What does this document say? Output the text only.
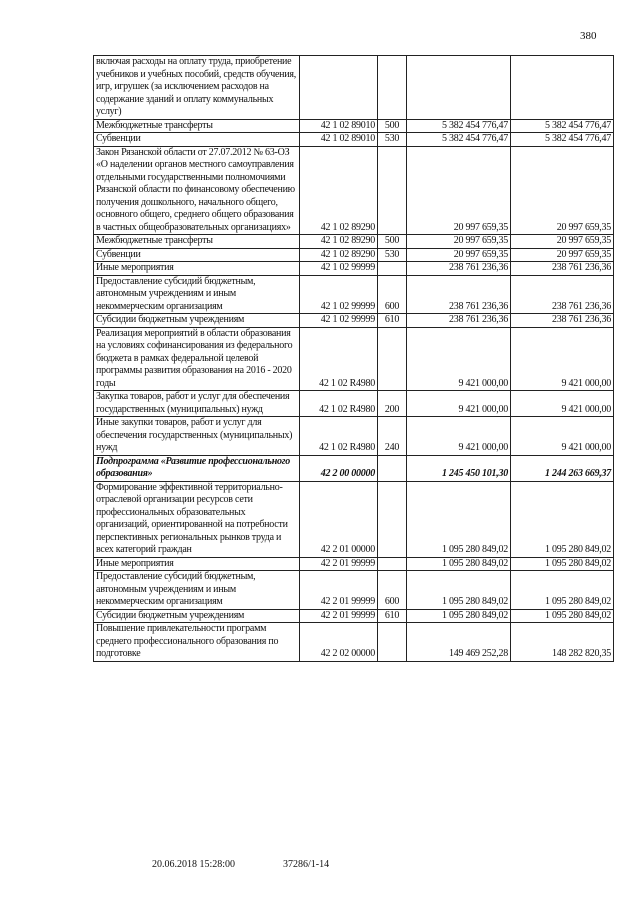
380
включая расходы на оплату труда, приобретение учебников и учебных пособий, средств обучения, игр, игрушек (за исключением расходов на содержание зданий и оплату коммунальных услуг)				
Межбюджетные трансферты	42 1 02 89010	500	5 382 454 776,47	5 382 454 776,47
Субвенции	42 1 02 89010	530	5 382 454 776,47	5 382 454 776,47
Закон Рязанской области от 27.07.2012 № 63-ОЗ «О наделении органов местного самоуправления отдельными государственными полномочиями Рязанской области по финансовому обеспечению получения дошкольного, начального общего, основного общего, среднего общего образования в частных общеобразовательных организациях»	42 1 02 89290		20 997 659,35	20 997 659,35
Межбюджетные трансферты	42 1 02 89290	500	20 997 659,35	20 997 659,35
Субвенции	42 1 02 89290	530	20 997 659,35	20 997 659,35
Иные мероприятия	42 1 02 99999		238 761 236,36	238 761 236,36
Предоставление субсидий бюджетным, автономным учреждениям и иным некоммерческим организациям	42 1 02 99999	600	238 761 236,36	238 761 236,36
Субсидии бюджетным учреждениям	42 1 02 99999	610	238 761 236,36	238 761 236,36
Реализация мероприятий в области образования на условиях софинансирования из федерального бюджета в рамках федеральной целевой программы развития образования на 2016 - 2020 годы	42 1 02 R4980		9 421 000,00	9 421 000,00
Закупка товаров, работ и услуг для обеспечения государственных (муниципальных) нужд	42 1 02 R4980	200	9 421 000,00	9 421 000,00
Иные закупки товаров, работ и услуг для обеспечения государственных (муниципальных) нужд	42 1 02 R4980	240	9 421 000,00	9 421 000,00
Подпрограмма «Развитие профессионального образования»	42 2 00 00000		1 245 450 101,30	1 244 263 669,37
Формирование эффективной территориально-отраслевой организации ресурсов сети профессиональных образовательных организаций, ориентированной на потребности перспективных региональных рынков труда и всех категорий граждан	42 2 01 00000		1 095 280 849,02	1 095 280 849,02
Иные мероприятия	42 2 01 99999		1 095 280 849,02	1 095 280 849,02
Предоставление субсидий бюджетным, автономным учреждениям и иным некоммерческим организациям	42 2 01 99999	600	1 095 280 849,02	1 095 280 849,02
Субсидии бюджетным учреждениям	42 2 01 99999	610	1 095 280 849,02	1 095 280 849,02
Повышение привлекательности программ среднего профессионального образования по подготовке	42 2 02 00000		149 469 252,28	148 282 820,35
20.06.2018 15:28:00	37286/1-14
